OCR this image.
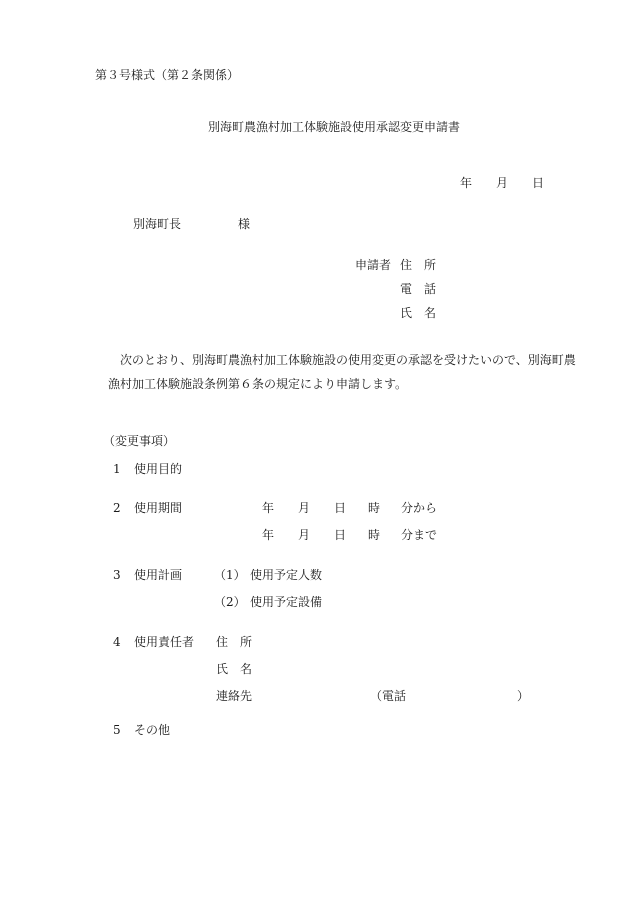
第３号様式（第２条関係）
別海町農漁村加工体験施設使用承認変更申請書
年 月 日
別海町長	様
申請者 住　所
電　話
氏　名
次のとおり、別海町農漁村加工体験施設の使用変更の承認を受けたいので、別海町農
漁村加工体験施設条例第６条の規定により申請します。
（変更事項）
1 使用目的
2 使用期間	年 月 日 時 分から
年 月 日 時 分まで
3 使用計画	（1） 使用予定人数
（2） 使用予定設備
4 使用責任者 住　所
氏　名
連絡先	（電話	）
5 その他
